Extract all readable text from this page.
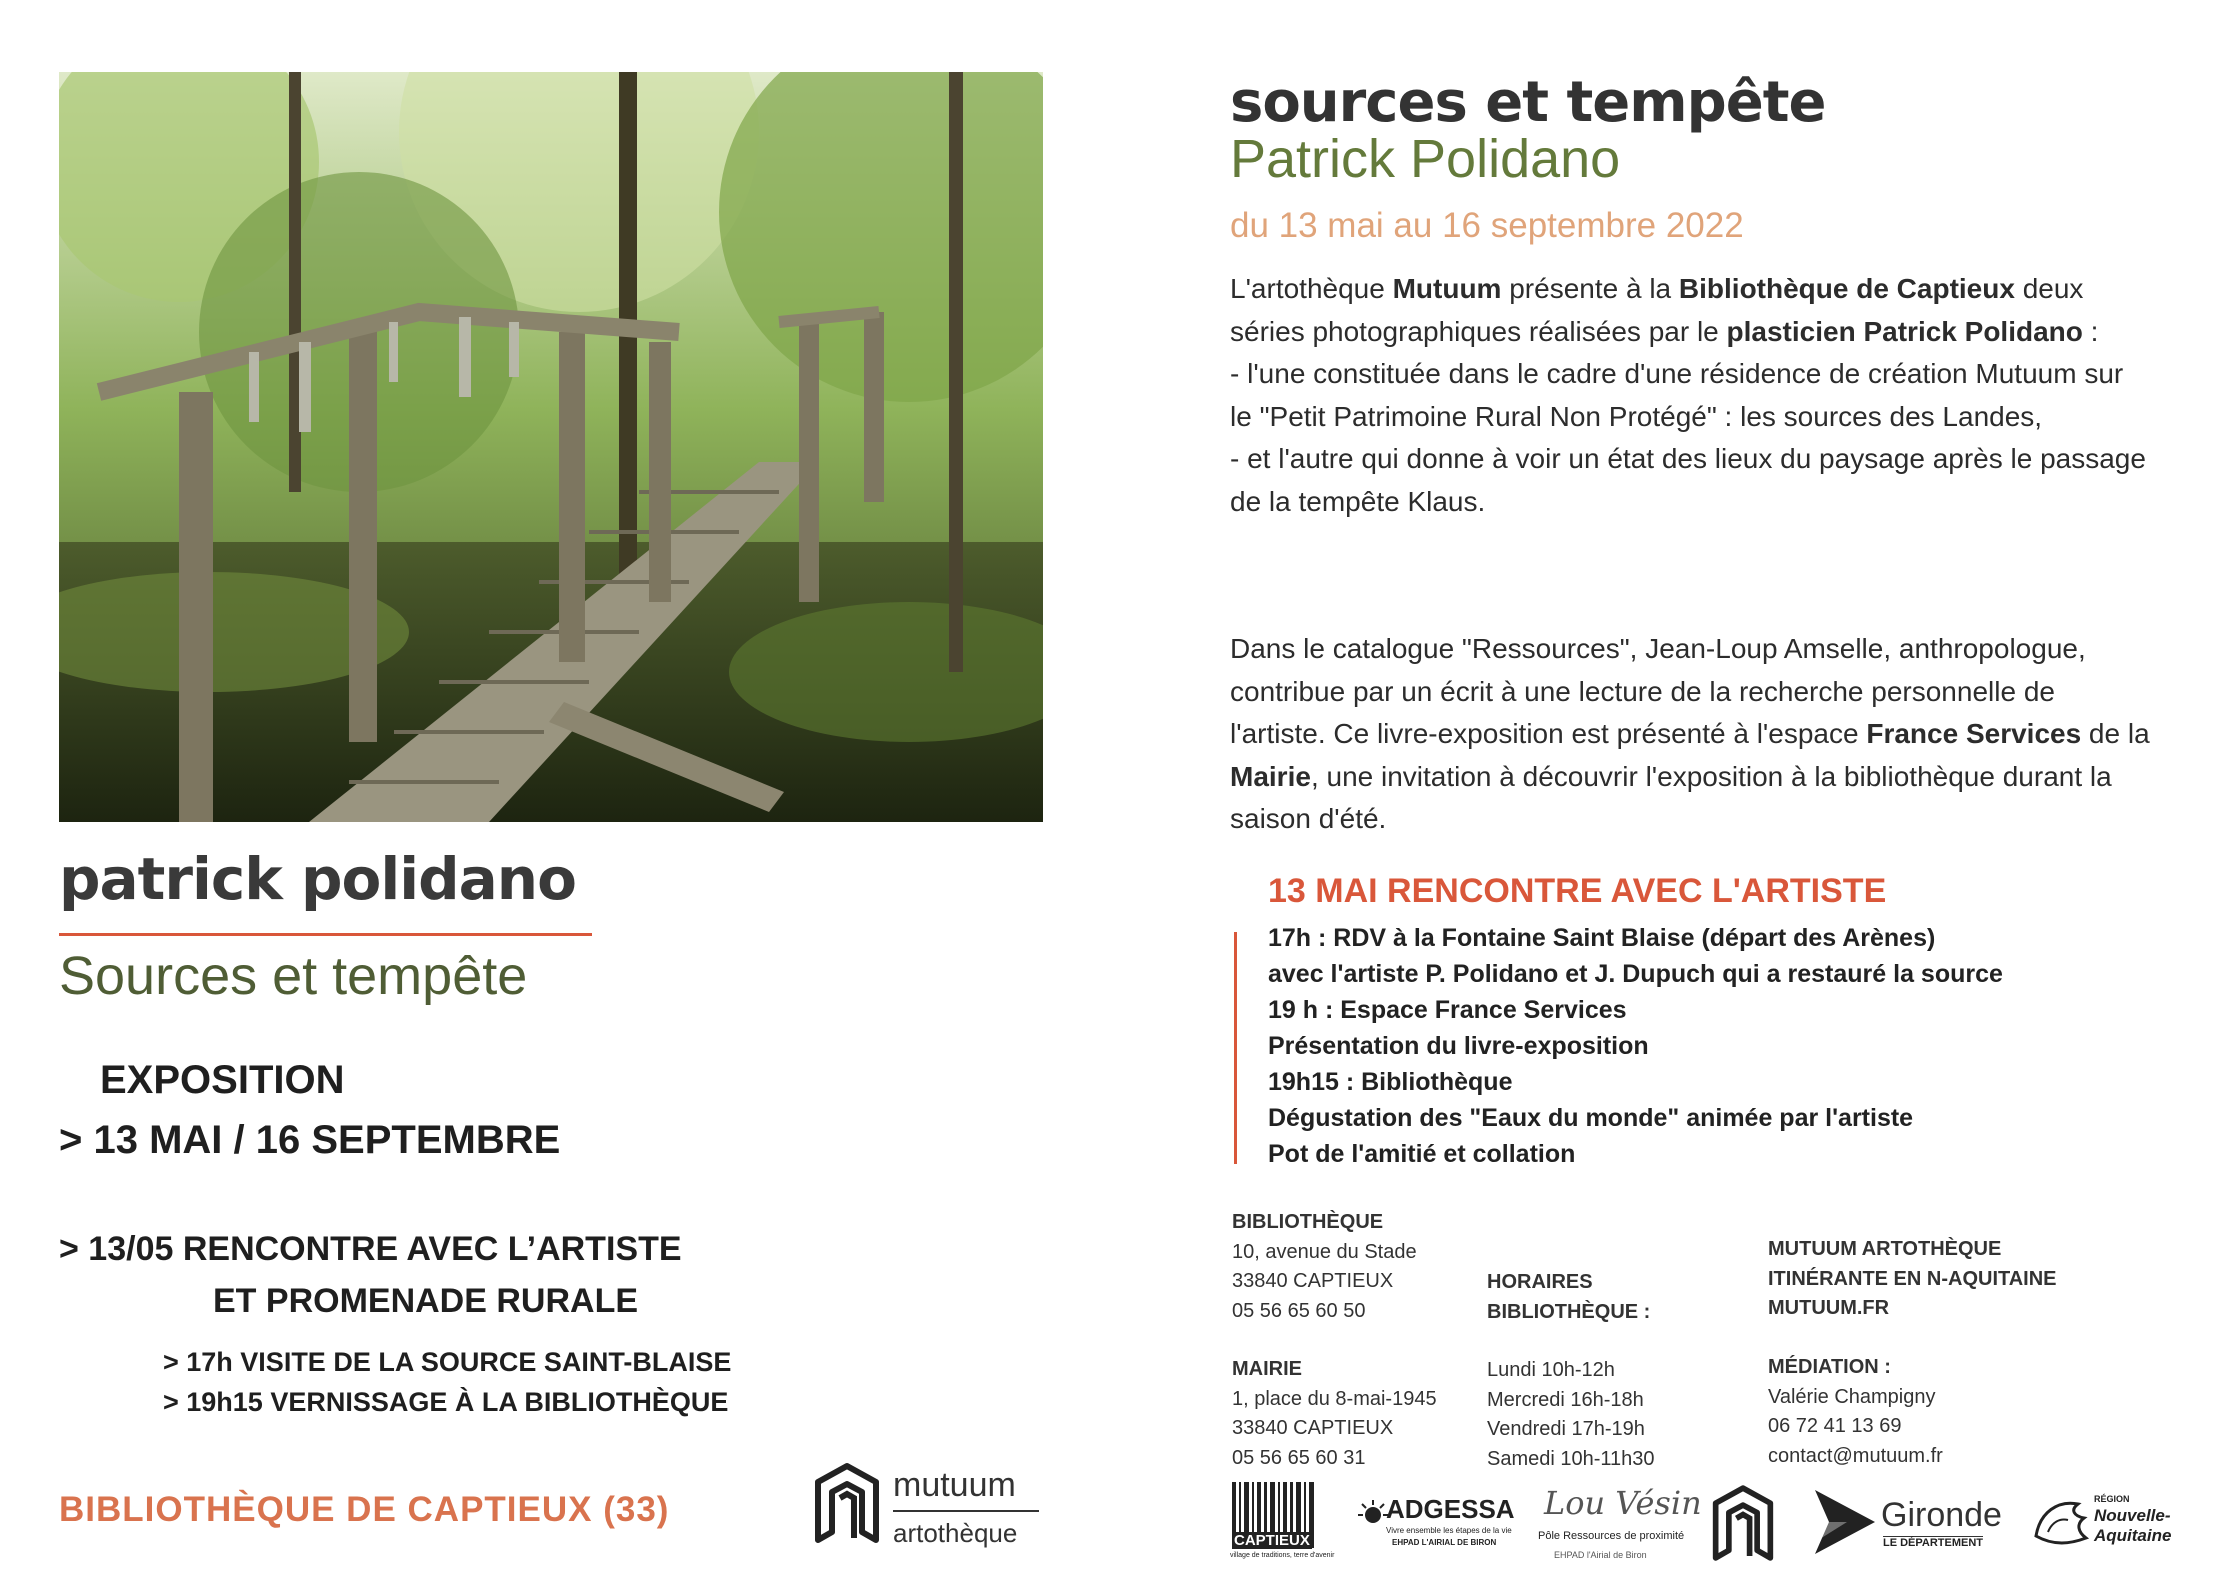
patrick polidano
Sources et tempête
EXPOSITION
> 13 MAI / 16 SEPTEMBRE
> 13/05 RENCONTRE AVEC L’ARTISTE
ET PROMENADE RURALE
> 17h VISITE DE LA SOURCE SAINT-BLAISE
> 19h15 VERNISSAGE À LA BIBLIOTHÈQUE
BIBLIOTHÈQUE DE CAPTIEUX (33)
mutuum
artothèque
sources et tempête
Patrick Polidano
du 13 mai au 16 septembre 2022
L'artothèque Mutuum présente à la Bibliothèque de Captieux deux séries photographiques réalisées par le plasticien Patrick Polidano :
- l'une constituée dans le cadre d'une résidence de création Mutuum sur le "Petit Patrimoine Rural Non Protégé" : les sources des Landes,
- et l'autre qui donne à voir un état des lieux du paysage après le passage de la tempête Klaus.
Dans le catalogue "Ressources", Jean-Loup Amselle, anthropologue, contribue par un écrit à une lecture de la recherche personnelle de l'artiste. Ce livre-exposition est présenté à l'espace France Services de la Mairie, une invitation à découvrir l'exposition à la bibliothèque durant la saison d'été.
13 MAI RENCONTRE AVEC L'ARTISTE
17h : RDV à la Fontaine Saint Blaise (départ des Arènes)
avec l'artiste P. Polidano et J. Dupuch qui a restauré la source
19 h : Espace France Services
Présentation du livre-exposition
19h15 : Bibliothèque
Dégustation des "Eaux du monde" animée par l'artiste
Pot de l'amitié et collation
BIBLIOTHÈQUE
10, avenue du Stade
33840 CAPTIEUX
05 56 65 60 50
MAIRIE
1, place du 8-mai-1945
33840 CAPTIEUX
05 56 65 60 31
HORAIRES
BIBLIOTHÈQUE :
Lundi 10h-12h
Mercredi 16h-18h
Vendredi 17h-19h
Samedi 10h-11h30
MUTUUM ARTOTHÈQUE
ITINÉRANTE EN N-AQUITAINE
MUTUUM.FR
MÉDIATION :
Valérie Champigny
06 72 41 13 69
contact@mutuum.fr
CAPTIEUX
village de traditions, terre d'avenir
ADGESSA
Vivre ensemble les étapes de la vie
EHPAD L'AIRIAL DE BIRON
Lou Vésin
Pôle Ressources de proximité
EHPAD l'Airial de Biron
Gironde
LE DÉPARTEMENT
RÉGION
Nouvelle-
Aquitaine
